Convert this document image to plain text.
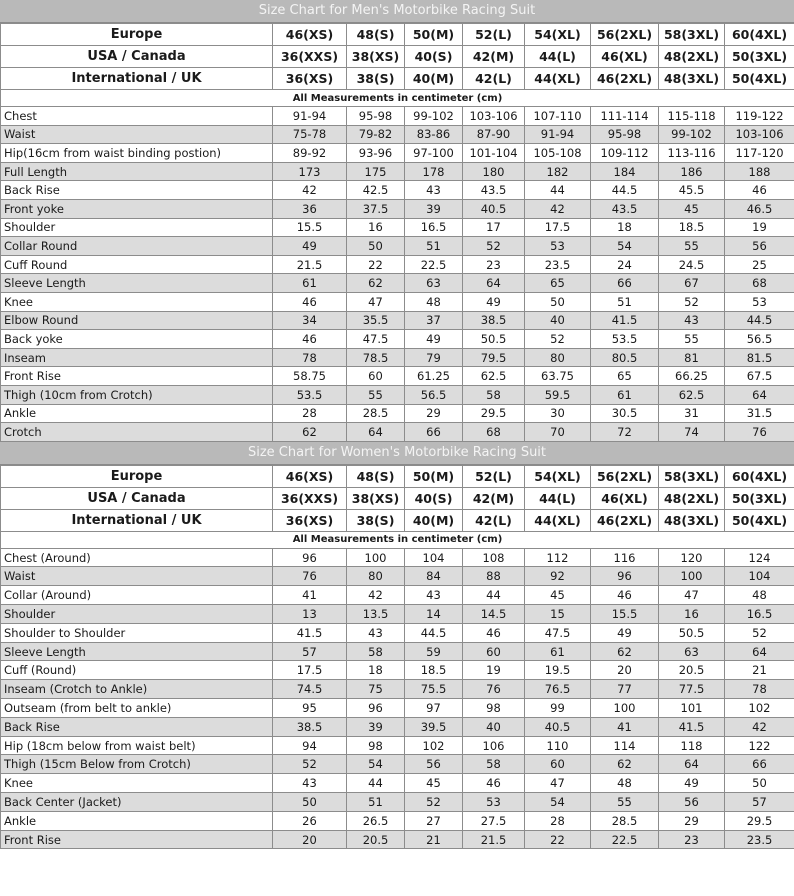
Size Chart for Men's Motorbike Racing Suit
Europe	46(XS)	48(S)	50(M)	52(L)	54(XL)	56(2XL)	58(3XL)	60(4XL)
USA / Canada	36(XXS)	38(XS)	40(S)	42(M)	44(L)	46(XL)	48(2XL)	50(3XL)
International / UK	36(XS)	38(S)	40(M)	42(L)	44(XL)	46(2XL)	48(3XL)	50(4XL)
All Measurements in centimeter (cm)								
Chest	91-94	95-98	99-102	103-106	107-110	111-114	115-118	119-122
Waist	75-78	79-82	83-86	87-90	91-94	95-98	99-102	103-106
Hip(16cm from waist binding postion)	89-92	93-96	97-100	101-104	105-108	109-112	113-116	117-120
Full Length	173	175	178	180	182	184	186	188
Back Rise	42	42.5	43	43.5	44	44.5	45.5	46
Front yoke	36	37.5	39	40.5	42	43.5	45	46.5
Shoulder	15.5	16	16.5	17	17.5	18	18.5	19
Collar Round	49	50	51	52	53	54	55	56
Cuff Round	21.5	22	22.5	23	23.5	24	24.5	25
Sleeve Length	61	62	63	64	65	66	67	68
Knee	46	47	48	49	50	51	52	53
Elbow Round	34	35.5	37	38.5	40	41.5	43	44.5
Back yoke	46	47.5	49	50.5	52	53.5	55	56.5
Inseam	78	78.5	79	79.5	80	80.5	81	81.5
Front Rise	58.75	60	61.25	62.5	63.75	65	66.25	67.5
Thigh (10cm from Crotch)	53.5	55	56.5	58	59.5	61	62.5	64
Ankle	28	28.5	29	29.5	30	30.5	31	31.5
Crotch	62	64	66	68	70	72	74	76
Size Chart for Women's Motorbike Racing Suit
Europe	46(XS)	48(S)	50(M)	52(L)	54(XL)	56(2XL)	58(3XL)	60(4XL)
USA / Canada	36(XXS)	38(XS)	40(S)	42(M)	44(L)	46(XL)	48(2XL)	50(3XL)
International / UK	36(XS)	38(S)	40(M)	42(L)	44(XL)	46(2XL)	48(3XL)	50(4XL)
All Measurements in centimeter (cm)								
Chest (Around)	96	100	104	108	112	116	120	124
Waist	76	80	84	88	92	96	100	104
Collar (Around)	41	42	43	44	45	46	47	48
Shoulder	13	13.5	14	14.5	15	15.5	16	16.5
Shoulder to Shoulder	41.5	43	44.5	46	47.5	49	50.5	52
Sleeve Length	57	58	59	60	61	62	63	64
Cuff (Round)	17.5	18	18.5	19	19.5	20	20.5	21
Inseam (Crotch to Ankle)	74.5	75	75.5	76	76.5	77	77.5	78
Outseam (from belt to ankle)	95	96	97	98	99	100	101	102
Back Rise	38.5	39	39.5	40	40.5	41	41.5	42
Hip (18cm below from waist belt)	94	98	102	106	110	114	118	122
Thigh (15cm Below from Crotch)	52	54	56	58	60	62	64	66
Knee	43	44	45	46	47	48	49	50
Back Center (Jacket)	50	51	52	53	54	55	56	57
Ankle	26	26.5	27	27.5	28	28.5	29	29.5
Front Rise	20	20.5	21	21.5	22	22.5	23	23.5
